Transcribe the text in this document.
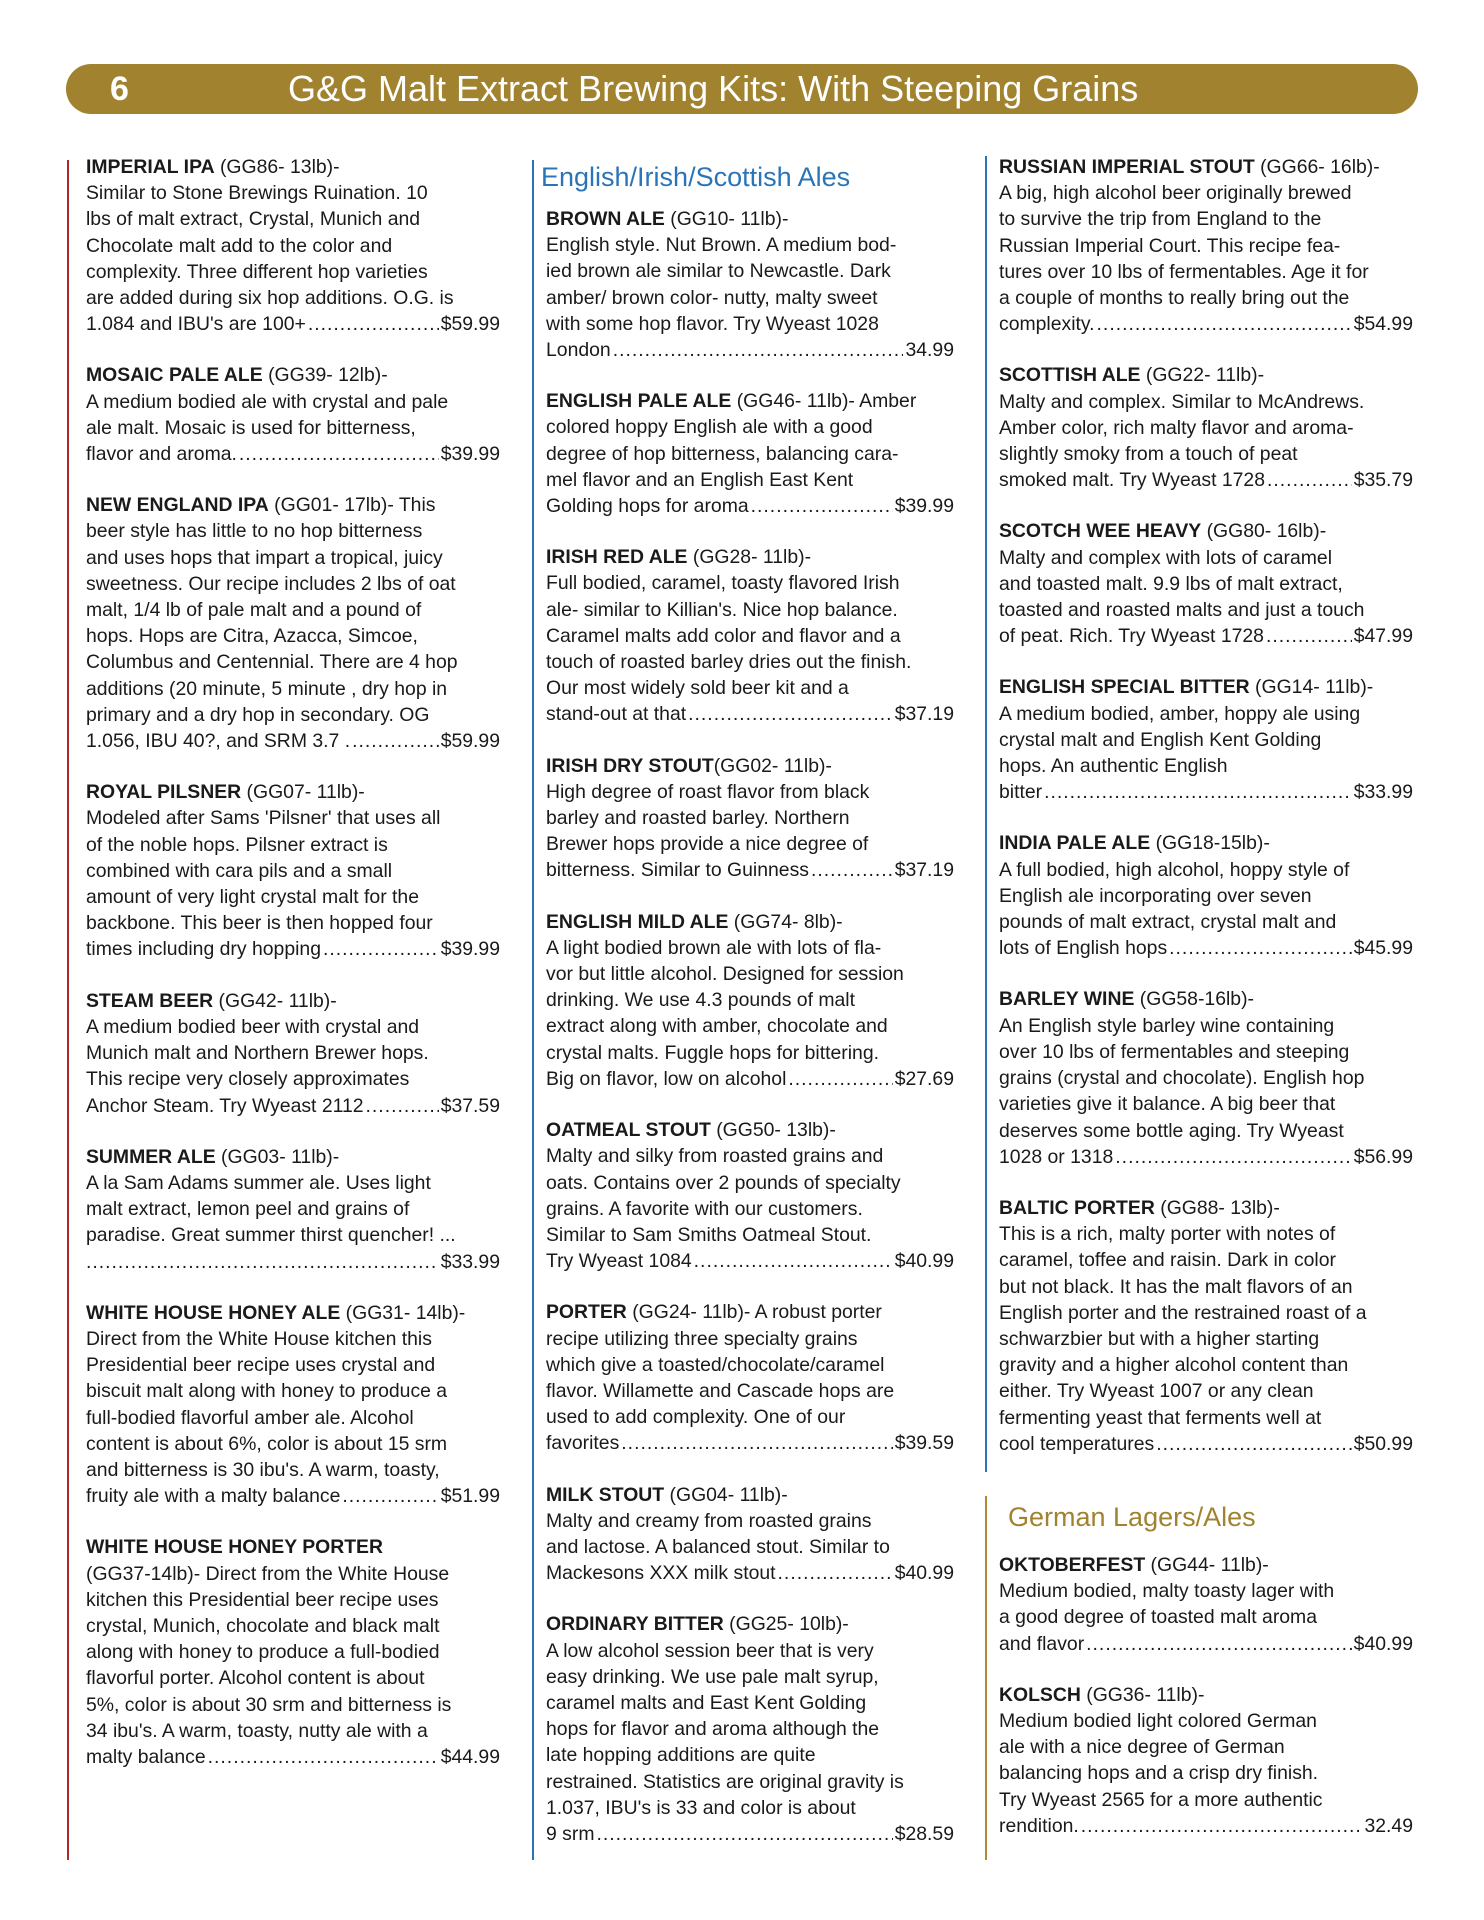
6	G&G Malt Extract Brewing Kits: With Steeping Grains
English/Irish/Scottish Ales
German Lagers/Ales
IMPERIAL IPA (GG86- 13lb)-
Similar to Stone Brewings Ruination. 10
lbs of malt extract, Crystal, Munich and
Chocolate malt add to the color and
complexity. Three different hop varieties
are added during six hop additions. O.G. is
1.084 and IBU's are 100+ .....	$59.99
MOSAIC PALE ALE (GG39- 12lb)-
A medium bodied ale with crystal and pale
ale malt. Mosaic is used for bitterness,
flavor and aroma. .....	$39.99
NEW ENGLAND IPA (GG01- 17lb)- This
beer style has little to no hop bitterness
and uses hops that impart a tropical, juicy
sweetness. Our recipe includes 2 lbs of oat
malt, 1/4 lb of pale malt and a pound of
hops. Hops are Citra, Azacca, Simcoe,
Columbus and Centennial. There are 4 hop
additions (20 minute, 5 minute , dry hop in
primary and a dry hop in secondary. OG
1.056, IBU 40?, and SRM 3.7 . .....	$59.99
ROYAL PILSNER (GG07- 11lb)-
Modeled after Sams 'Pilsner' that uses all
of the noble hops. Pilsner extract is
combined with cara pils and a small
amount of very light crystal malt for the
backbone. This beer is then hopped four
times including dry hopping .....	$39.99
STEAM BEER (GG42- 11lb)-
A medium bodied beer with crystal and
Munich malt and Northern Brewer hops.
This recipe very closely approximates
Anchor Steam. Try Wyeast 2112 .....	$37.59
SUMMER ALE (GG03- 11lb)-
A la Sam Adams summer ale. Uses light
malt extract, lemon peel and grains of
paradise. Great summer thirst quencher! ...
.....
$33.99
WHITE HOUSE HONEY ALE (GG31- 14lb)-
Direct from the White House kitchen this
Presidential beer recipe uses crystal and
biscuit malt along with honey to produce a
full-bodied flavorful amber ale. Alcohol
content is about 6%, color is about 15 srm
and bitterness is 30 ibu's. A warm, toasty,
fruity ale with a malty balance .....	$51.99
WHITE HOUSE HONEY PORTER
(GG37-14lb)- Direct from the White House
kitchen this Presidential beer recipe uses
crystal, Munich, chocolate and black malt
along with honey to produce a full-bodied
flavorful porter. Alcohol content is about
5%, color is about 30 srm and bitterness is
34 ibu's. A warm, toasty, nutty ale with a
malty balance .....	$44.99
BROWN ALE (GG10- 11lb)-
English style. Nut Brown. A medium bod-
ied brown ale similar to Newcastle. Dark
amber/ brown color- nutty, malty sweet
with some hop flavor. Try Wyeast 1028
London .....	34.99
ENGLISH PALE ALE (GG46- 11lb)- Amber
colored hoppy English ale with a good
degree of hop bitterness, balancing cara-
mel flavor and an English East Kent
Golding hops for aroma .....	$39.99
IRISH RED ALE (GG28- 11lb)-
Full bodied, caramel, toasty flavored Irish
ale- similar to Killian's. Nice hop balance.
Caramel malts add color and flavor and a
touch of roasted barley dries out the finish.
Our most widely sold beer kit and a
stand-out at that .....	$37.19
IRISH DRY STOUT(GG02- 11lb)-
High degree of roast flavor from black
barley and roasted barley. Northern
Brewer hops provide a nice degree of
bitterness. Similar to Guinness .....	$37.19
ENGLISH MILD ALE (GG74- 8lb)-
A light bodied brown ale with lots of fla-
vor but little alcohol. Designed for session
drinking. We use 4.3 pounds of malt
extract along with amber, chocolate and
crystal malts. Fuggle hops for bittering.
Big on flavor, low on alcohol .....	$27.69
OATMEAL STOUT (GG50- 13lb)-
Malty and silky from roasted grains and
oats. Contains over 2 pounds of specialty
grains. A favorite with our customers.
Similar to Sam Smiths Oatmeal Stout.
Try Wyeast 1084 .....	$40.99
PORTER (GG24- 11lb)- A robust porter
recipe utilizing three specialty grains
which give a toasted/chocolate/caramel
flavor. Willamette and Cascade hops are
used to add complexity. One of our
favorites .....	$39.59
MILK STOUT (GG04- 11lb)-
Malty and creamy from roasted grains
and lactose. A balanced stout. Similar to
Mackesons XXX milk stout .....	$40.99
ORDINARY BITTER (GG25- 10lb)-
A low alcohol session beer that is very
easy drinking. We use pale malt syrup,
caramel malts and East Kent Golding
hops for flavor and aroma although the
late hopping additions are quite
restrained. Statistics are original gravity is
1.037, IBU's is 33 and color is about
9 srm .....	$28.59
RUSSIAN IMPERIAL STOUT (GG66- 16lb)-
A big, high alcohol beer originally brewed
to survive the trip from England to the
Russian Imperial Court. This recipe fea-
tures over 10 lbs of fermentables. Age it for
a couple of months to really bring out the
complexity. .....	$54.99
SCOTTISH ALE (GG22- 11lb)-
Malty and complex. Similar to McAndrews.
Amber color, rich malty flavor and aroma-
slightly smoky from a touch of peat
smoked malt. Try Wyeast 1728 .....	$35.79
SCOTCH WEE HEAVY (GG80- 16lb)-
Malty and complex with lots of caramel
and toasted malt. 9.9 lbs of malt extract,
toasted and roasted malts and just a touch
of peat. Rich. Try Wyeast 1728 .....	$47.99
ENGLISH SPECIAL BITTER (GG14- 11lb)-
A medium bodied, amber, hoppy ale using
crystal malt and English Kent Golding
hops. An authentic English
bitter .....	$33.99
INDIA PALE ALE (GG18-15lb)-
A full bodied, high alcohol, hoppy style of
English ale incorporating over seven
pounds of malt extract, crystal malt and
lots of English hops .....	$45.99
BARLEY WINE (GG58-16lb)-
An English style barley wine containing
over 10 lbs of fermentables and steeping
grains (crystal and chocolate). English hop
varieties give it balance. A big beer that
deserves some bottle aging. Try Wyeast
1028 or 1318 .....	$56.99
BALTIC PORTER (GG88- 13lb)-
This is a rich, malty porter with notes of
caramel, toffee and raisin. Dark in color
but not black. It has the malt flavors of an
English porter and the restrained roast of a
schwarzbier but with a higher starting
gravity and a higher alcohol content than
either. Try Wyeast 1007 or any clean
fermenting yeast that ferments well at
cool temperatures .....	$50.99
OKTOBERFEST (GG44- 11lb)-
Medium bodied, malty toasty lager with
a good degree of toasted malt aroma
and flavor .....	.$40.99
KOLSCH (GG36- 11lb)-
Medium bodied light colored German
ale with a nice degree of German
balancing hops and a crisp dry finish.
Try Wyeast 2565 for a more authentic
rendition. .....	32.49
